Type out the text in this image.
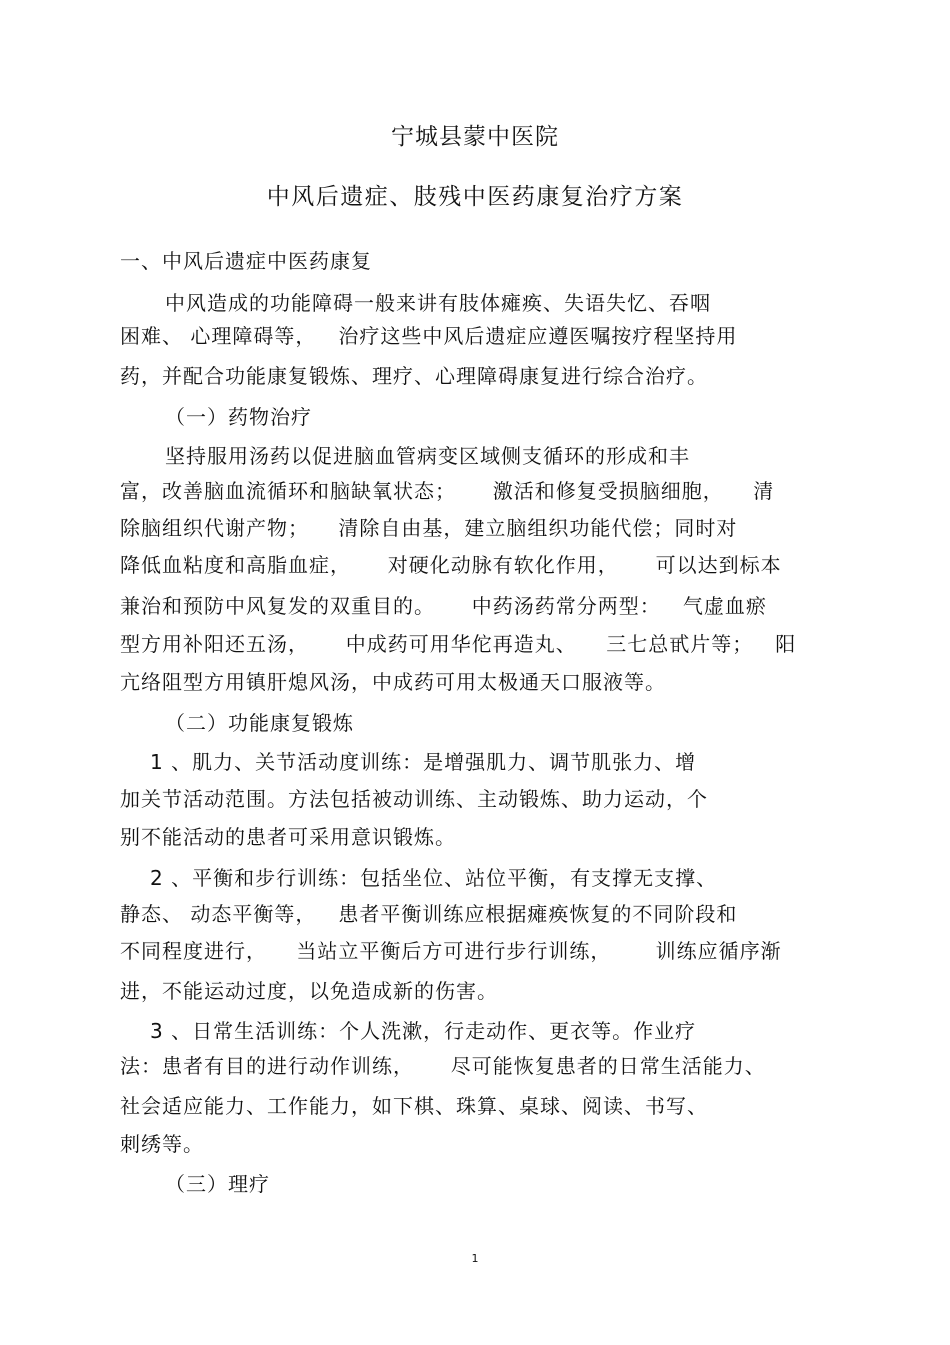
宁城县蒙中医院
中风后遗症、肢残中医药康复治疗方案
一、中风后遗症中医药康复
中风造成的功能障碍一般来讲有肢体瘫痪、失语失忆、吞咽
困难、 心理障碍等，   治疗这些中风后遗症应遵医嘱按疗程坚持用
药，并配合功能康复锻炼、理疗、心理障碍康复进行综合治疗。
（一）药物治疗
坚持服用汤药以促进脑血管病变区域侧支循环的形成和丰
富，改善脑血流循环和脑缺氧状态；     激活和修复受损脑细胞，    清
除脑组织代谢产物；    清除自由基，建立脑组织功能代偿；同时对
降低血粘度和高脂血症，     对硬化动脉有软化作用，     可以达到标本
兼治和预防中风复发的双重目的。     中药汤药常分两型：   气虚血瘀
型方用补阳还五汤，     中成药可用华佗再造丸、    三七总甙片等；   阳
亢络阻型方用镇肝熄风汤，中成药可用太极通天口服液等。
（二）功能康复锻炼
1 、肌力、关节活动度训练：是增强肌力、调节肌张力、增
加关节活动范围。方法包括被动训练、主动锻炼、助力运动，个
别不能活动的患者可采用意识锻炼。
2 、平衡和步行训练：包括坐位、站位平衡，有支撑无支撑、
静态、 动态平衡等，   患者平衡训练应根据瘫痪恢复的不同阶段和
不同程度进行，    当站立平衡后方可进行步行训练，      训练应循序渐
进，不能运动过度，以免造成新的伤害。
3 、日常生活训练：个人洗漱，行走动作、更衣等。作业疗
法：患者有目的进行动作训练，     尽可能恢复患者的日常生活能力、
社会适应能力、工作能力，如下棋、珠算、桌球、阅读、书写、
刺绣等。
（三）理疗
1
